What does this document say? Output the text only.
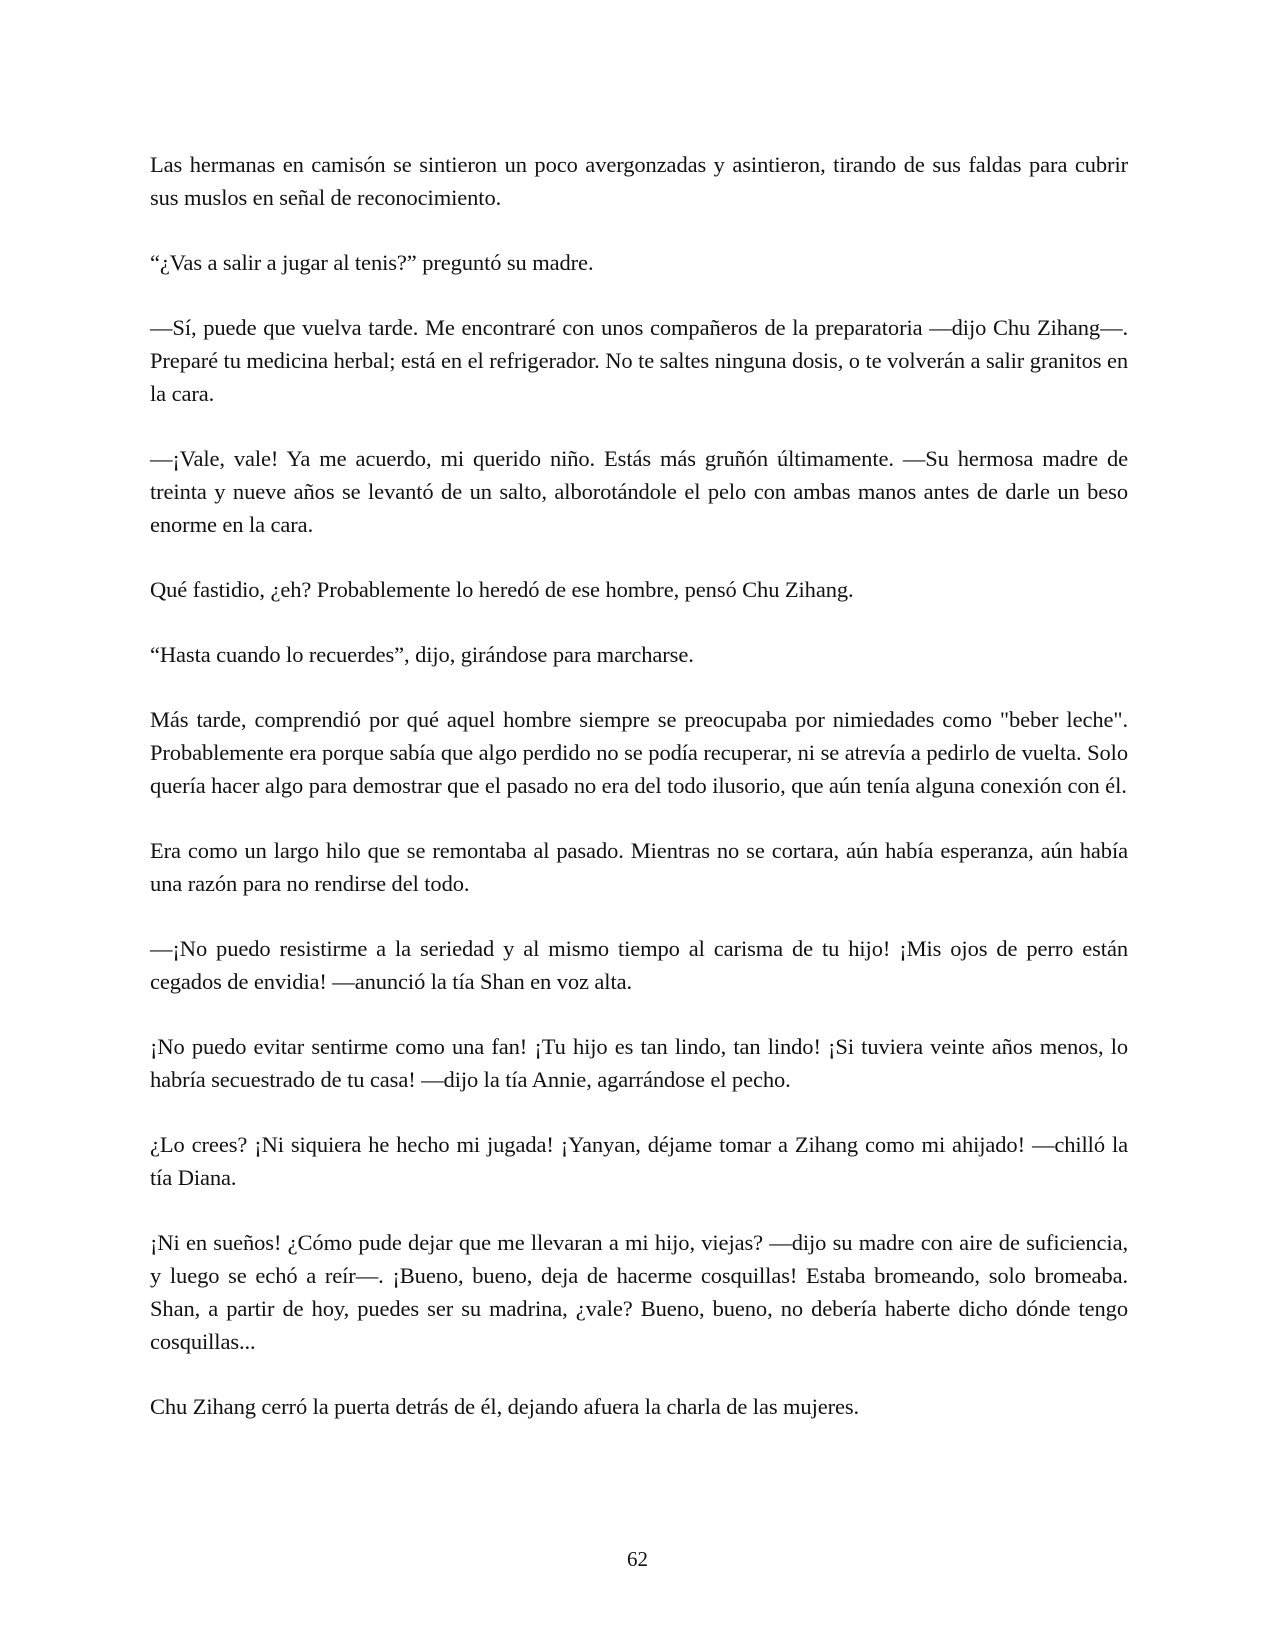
Las hermanas en camisón se sintieron un poco avergonzadas y asintieron, tirando de sus faldas para cubrir sus muslos en señal de reconocimiento.

“¿Vas a salir a jugar al tenis?” preguntó su madre.

—Sí, puede que vuelva tarde. Me encontraré con unos compañeros de la preparatoria —dijo Chu Zihang—. Preparé tu medicina herbal; está en el refrigerador. No te saltes ninguna dosis, o te volverán a salir granitos en la cara.

—¡Vale, vale! Ya me acuerdo, mi querido niño. Estás más gruñón últimamente. —Su hermosa madre de treinta y nueve años se levantó de un salto, alborotándole el pelo con ambas manos antes de darle un beso enorme en la cara.

Qué fastidio, ¿eh? Probablemente lo heredó de ese hombre, pensó Chu Zihang.

“Hasta cuando lo recuerdes”, dijo, girándose para marcharse.

Más tarde, comprendió por qué aquel hombre siempre se preocupaba por nimiedades como "beber leche". Probablemente era porque sabía que algo perdido no se podía recuperar, ni se atrevía a pedirlo de vuelta. Solo quería hacer algo para demostrar que el pasado no era del todo ilusorio, que aún tenía alguna conexión con él.

Era como un largo hilo que se remontaba al pasado. Mientras no se cortara, aún había esperanza, aún había una razón para no rendirse del todo.

—¡No puedo resistirme a la seriedad y al mismo tiempo al carisma de tu hijo! ¡Mis ojos de perro están cegados de envidia! —anunció la tía Shan en voz alta.

¡No puedo evitar sentirme como una fan! ¡Tu hijo es tan lindo, tan lindo! ¡Si tuviera veinte años menos, lo habría secuestrado de tu casa! —dijo la tía Annie, agarrándose el pecho.

¿Lo crees? ¡Ni siquiera he hecho mi jugada! ¡Yanyan, déjame tomar a Zihang como mi ahijado! —chilló la tía Diana.

¡Ni en sueños! ¿Cómo pude dejar que me llevaran a mi hijo, viejas? —dijo su madre con aire de suficiencia, y luego se echó a reír—. ¡Bueno, bueno, deja de hacerme cosquillas! Estaba bromeando, solo bromeaba. Shan, a partir de hoy, puedes ser su madrina, ¿vale? Bueno, bueno, no debería haberte dicho dónde tengo cosquillas...

Chu Zihang cerró la puerta detrás de él, dejando afuera la charla de las mujeres.

62
